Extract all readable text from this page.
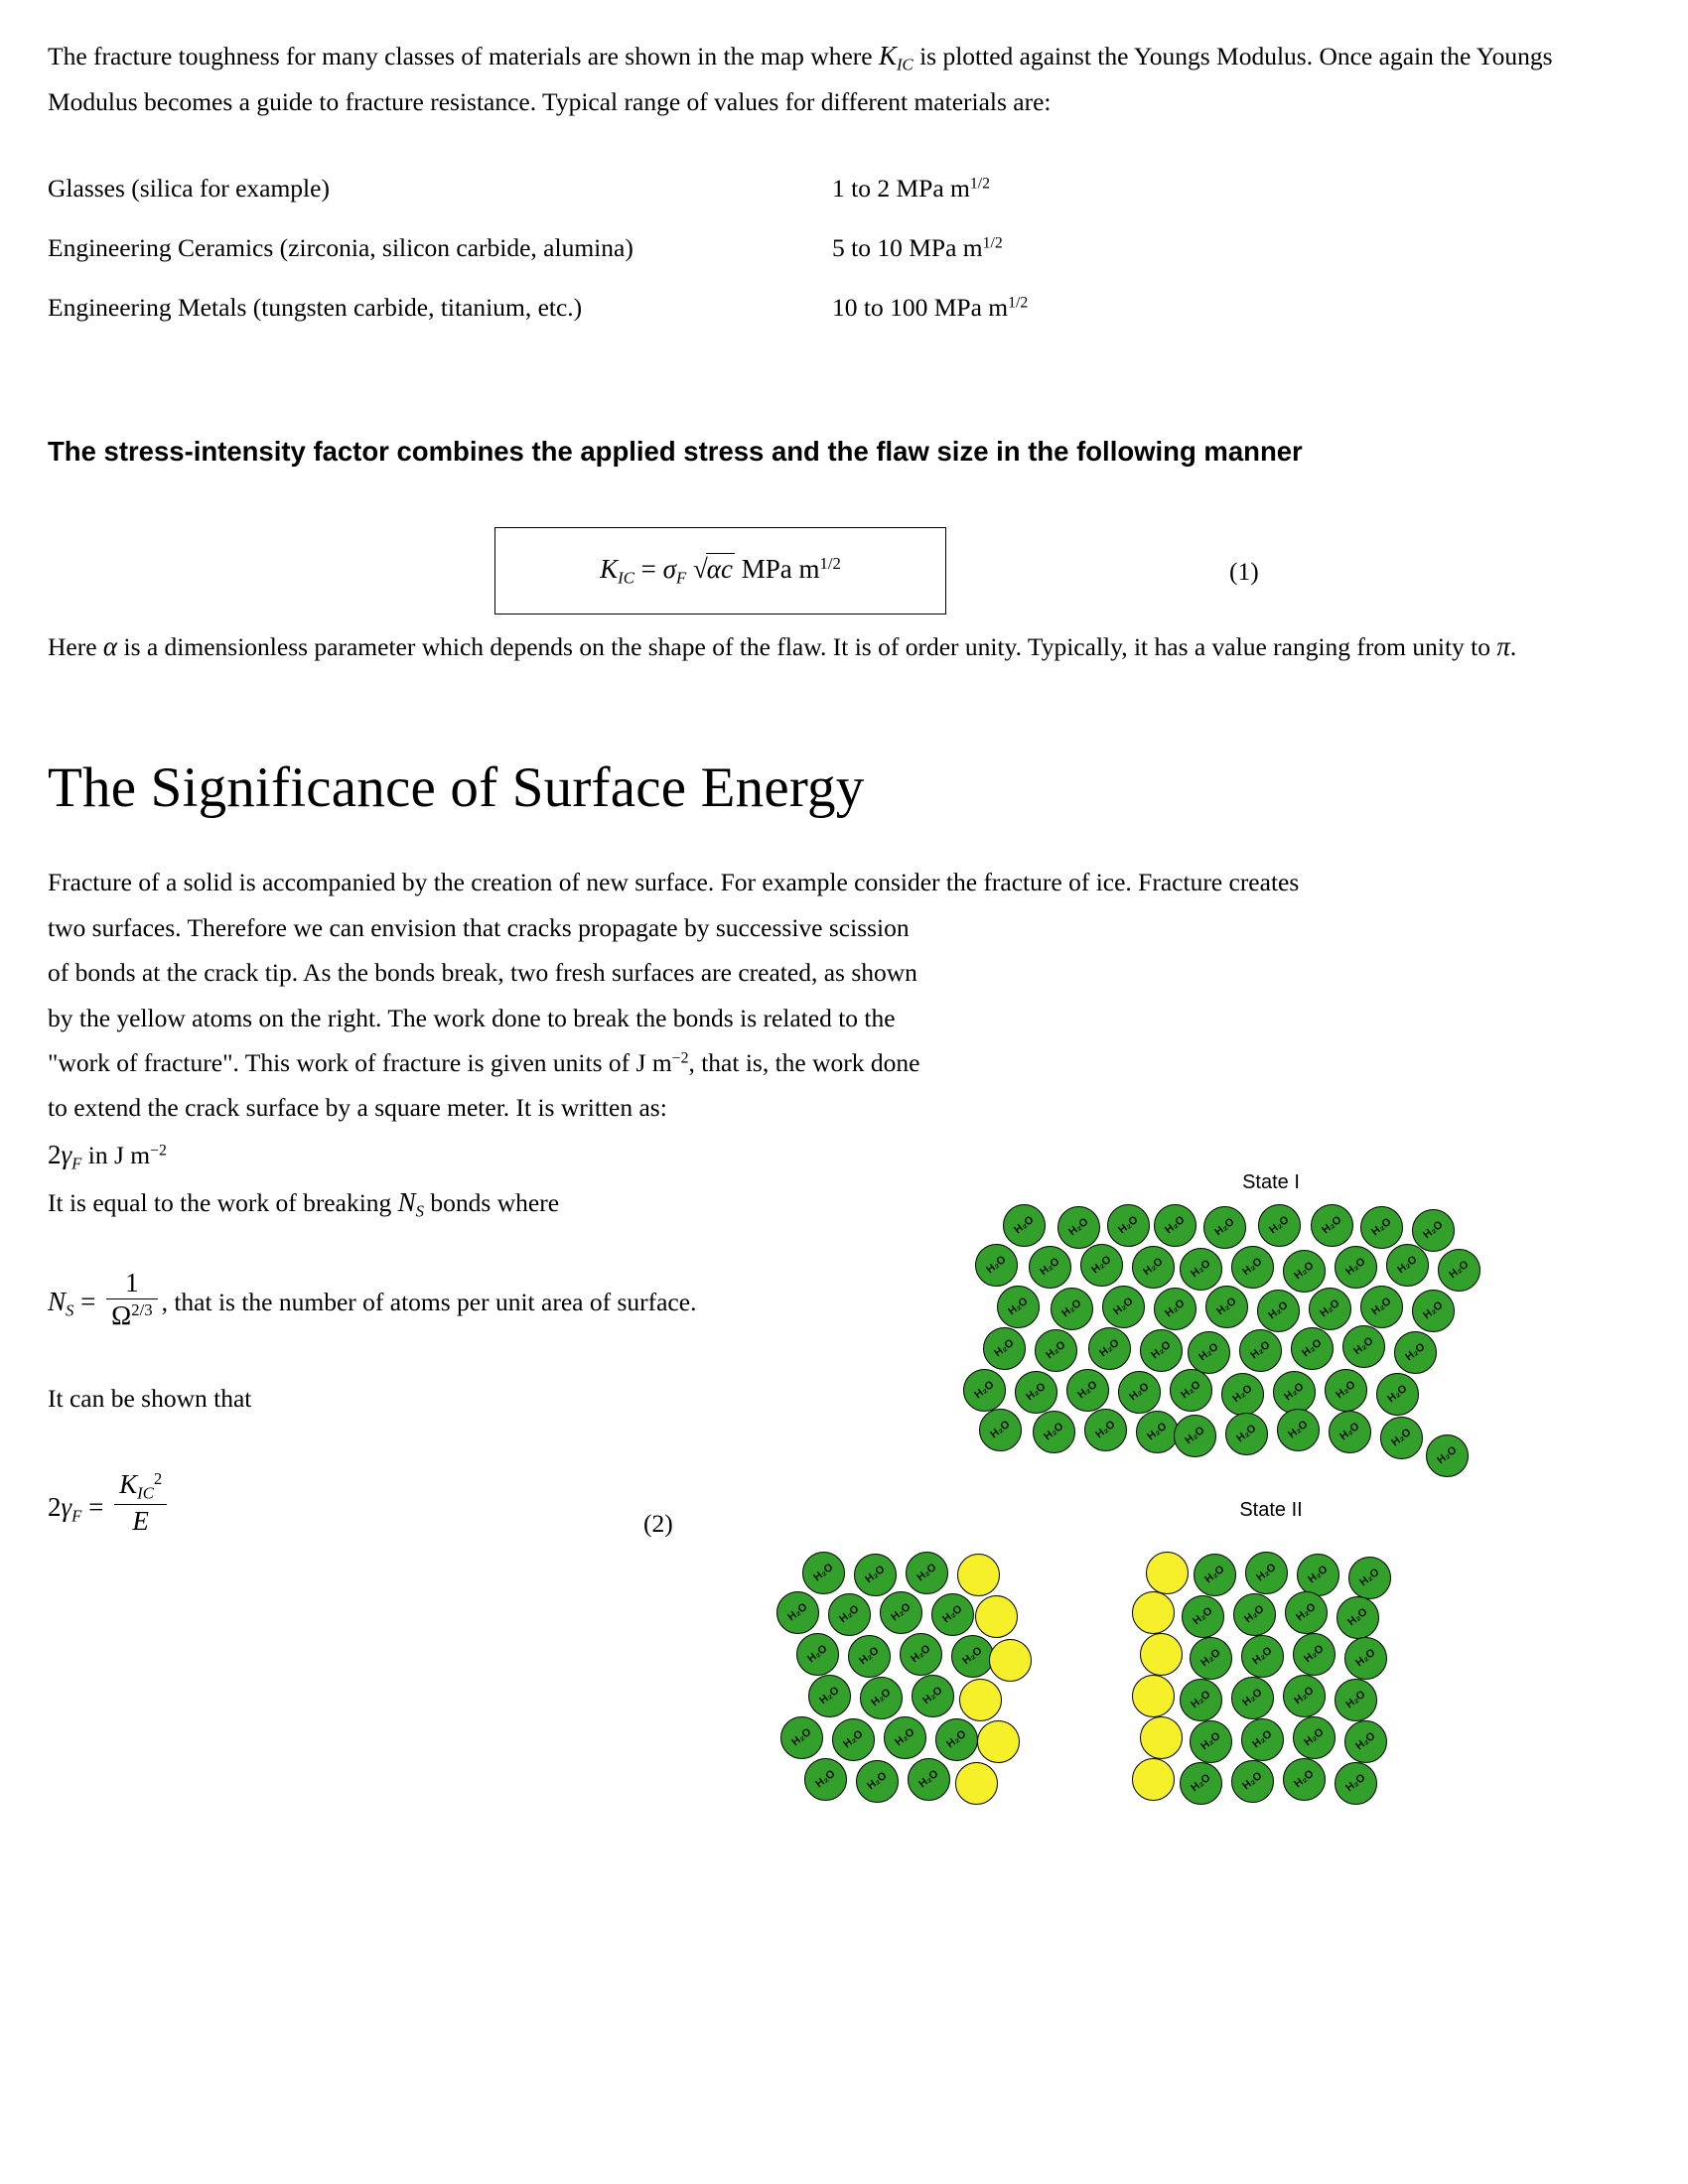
The fracture toughness for many classes of materials are shown in the map where $K_{IC}$ is plotted against the Youngs Modulus. Once again the Youngs Modulus becomes a guide to fracture resistance. Typical range of values for different materials are:

Glasses (silica for example)	1 to 2 MPa $m^{1/2}$
Engineering Ceramics (zirconia, silicon carbide, alumina)	5 to 10 MPa $m^{1/2}$
Engineering Metals (tungsten carbide, titanium, etc.)	10 to 100 MPa $m^{1/2}$
The stress-intensity factor combines the applied stress and the flaw size in the following manner
$K_{IC} = \sigma_F$ √αc MPa $m^{1/2}$	(1)

Here α is a dimensionless parameter which depends on the shape of the flaw. It is of order unity. Typically, it has a value ranging from unity to π.

The Significance of Surface Energy

Fracture of a solid is accompanied by the creation of new surface. For example consider the fracture of ice. Fracture creates

two surfaces. Therefore we can envision that cracks propagate by successive scission of bonds at the crack tip. As the bonds break, two fresh surfaces are created, as shown by the yellow atoms on the right. The work done to break the bonds is related to the "work of fracture". This work of fracture is given units of J $m^{-2}$, that is, the work done to extend the crack surface by a square meter. It is written as:

$2\gamma_F$ in J $m^{-2}$

It is equal to the work of breaking $N_S$ bonds where

$N_S = \frac{1}{\Omega^{2/3}}$ , that is the number of atoms per unit area of surface.

It can be shown that

$2\gamma_F = \frac{K_{IC}^2}{E}$	(2)
State I
H₂O	H₂O H₂O H₂O H₂O	H₂O	H₂O H₂O	H₂O
H₂O	H₂O	H₂O	H₂O H₂O	H₂O	H₂O	H₂O	H₂O	H₂O
H₂O	H₂O	H₂O	H₂O	H₂O	H₂O	H₂O	H₂O	H₂O
H₂O	H₂O	H₂O	H₂O H₂O	H₂O	H₂O	H₂O	H₂O
H₂O	H₂O	H₂O	H₂O	H₂O	H₂O	H₂O	H₂O	H₂O
H₂O	H₂O	H₂O	H₂O H₂O	H₂O	H₂O	H₂O	H₂O
H₂O
State II
H₂O	H₂O	H₂O
H₂O	H₂O	H₂O	H₂O
H₂O	H₂O	H₂O	H₂O
H₂O	H₂O	H₂O
H₂O	H₂O	H₂O	H₂O
H₂O	H₂O	H₂O
H₂O	H₂O	H₂O	H₂O
H₂O	H₂O	H₂O	H₂O
H₂O	H₂O	H₂O	H₂O
H₂O	H₂O	H₂O	H₂O
H₂O	H₂O	H₂O	H₂O
H₂O	H₂O	H₂O	H₂O
